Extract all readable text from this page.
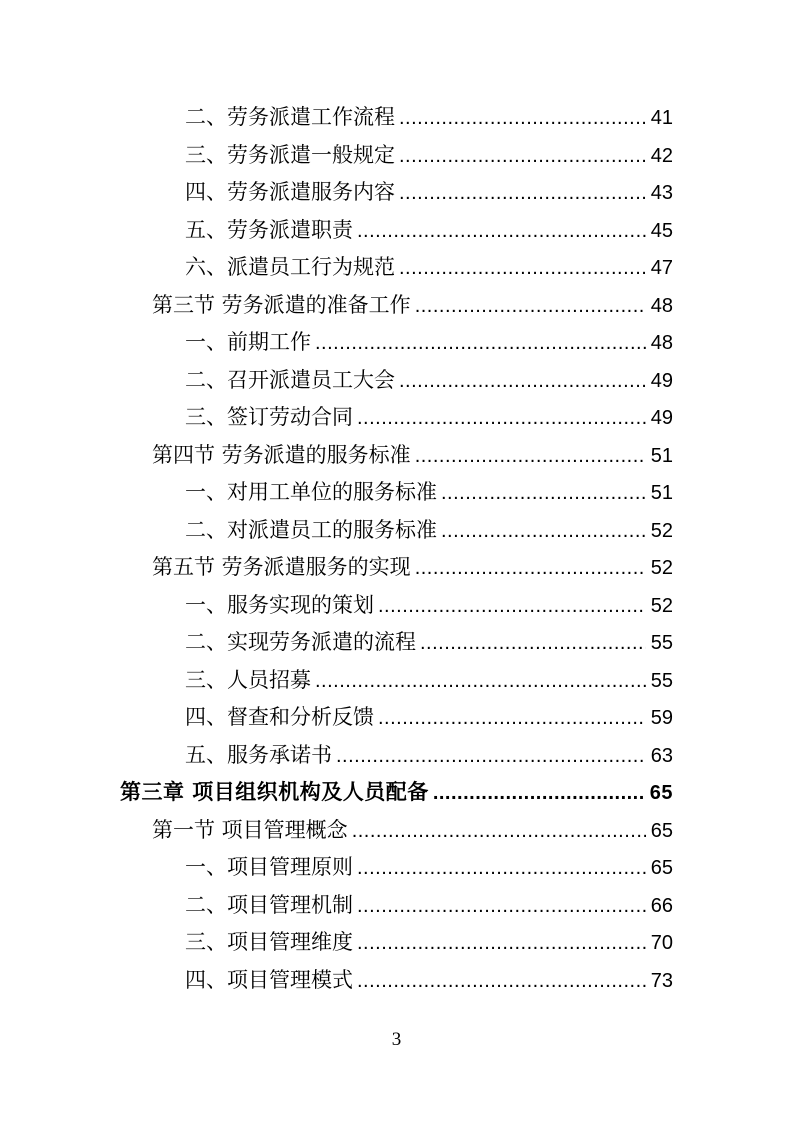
二、劳务派遣工作流程 .....	41
三、劳务派遣一般规定 .....	42
四、劳务派遣服务内容 .....	43
五、劳务派遣职责 .....	45
六、派遣员工行为规范 .....	47
第三节 劳务派遣的准备工作 .....	48
一、前期工作 .....	48
二、召开派遣员工大会 .....	49
三、签订劳动合同 .....	49
第四节 劳务派遣的服务标准 .....	51
一、对用工单位的服务标准 .....	51
二、对派遣员工的服务标准 .....	52
第五节 劳务派遣服务的实现 .....	52
一、服务实现的策划 .....	52
二、实现劳务派遣的流程 .....	55
三、人员招募 .....	55
四、督查和分析反馈 .....	59
五、服务承诺书 .....	63
第三章 项目组织机构及人员配备 .....	65
第一节 项目管理概念 .....	65
一、项目管理原则 .....	65
二、项目管理机制 .....	66
三、项目管理维度 .....	70
四、项目管理模式 .....	73
3
